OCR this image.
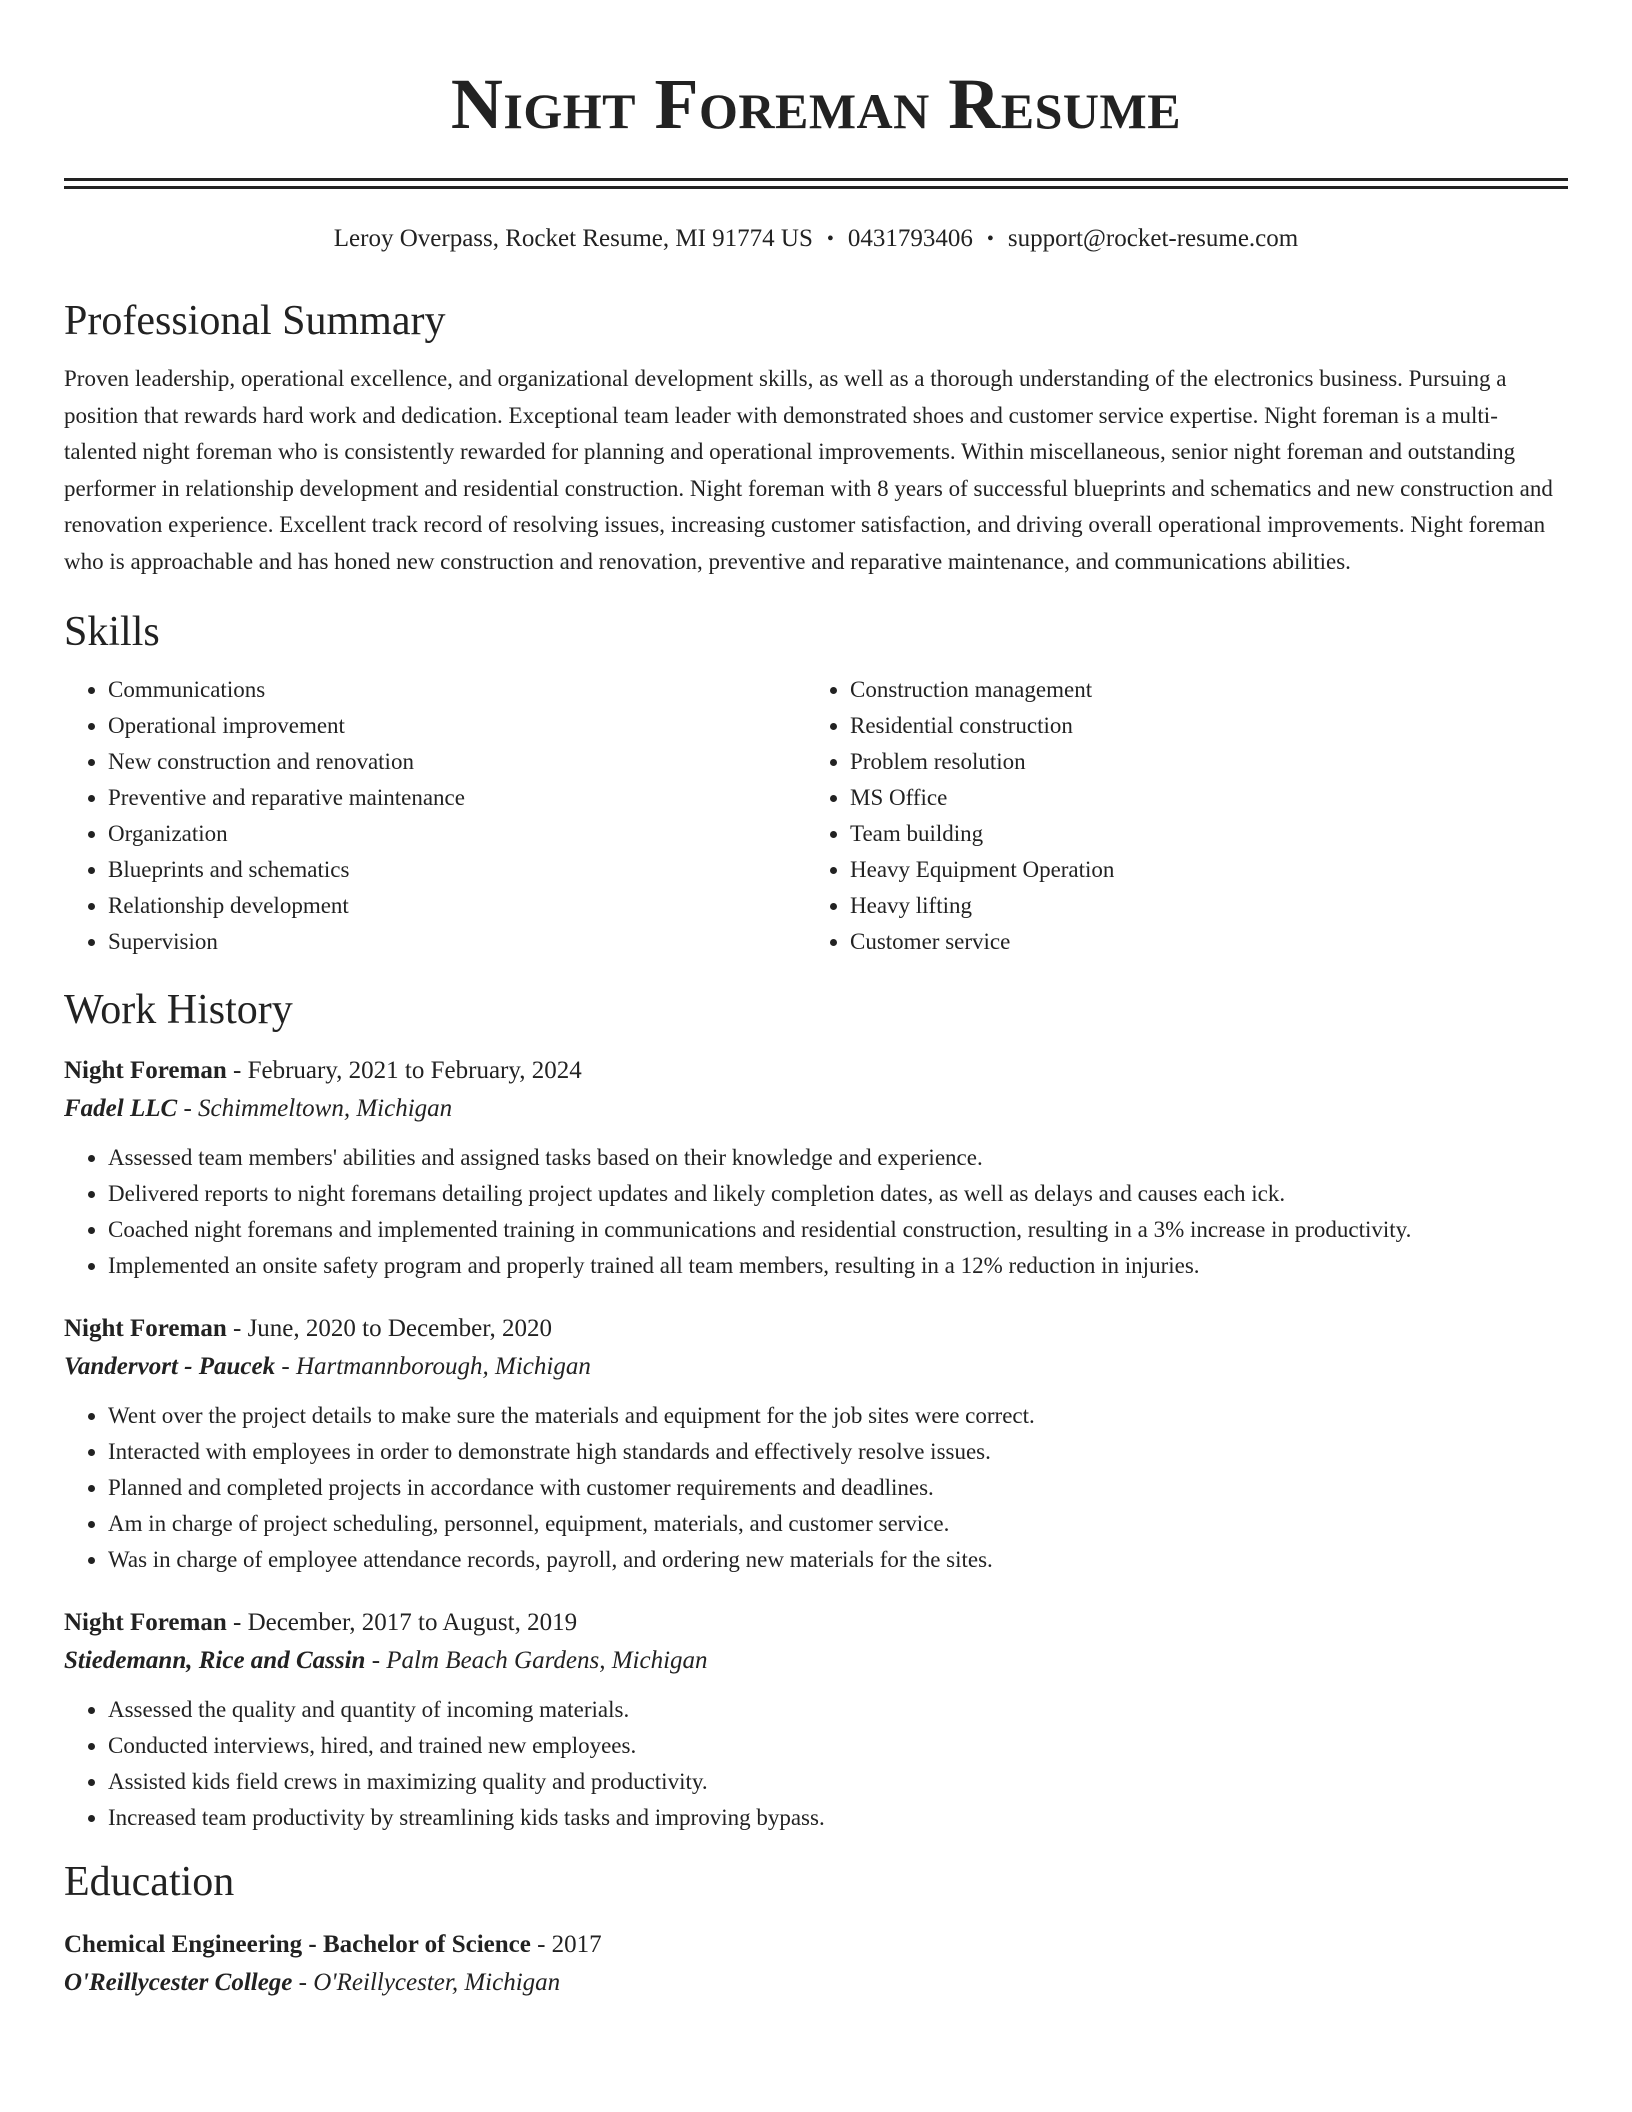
Night Foreman Resume
Leroy Overpass, Rocket Resume, MI 91774 US • 0431793406 • support@rocket-resume.com
Professional Summary

Proven leadership, operational excellence, and organizational development skills, as well as a thorough understanding of the electronics business. Pursuing a position that rewards hard work and dedication. Exceptional team leader with demonstrated shoes and customer service expertise. Night foreman is a multi-talented night foreman who is consistently rewarded for planning and operational improvements. Within miscellaneous, senior night foreman and outstanding performer in relationship development and residential construction. Night foreman with 8 years of successful blueprints and schematics and new construction and renovation experience. Excellent track record of resolving issues, increasing customer satisfaction, and driving overall operational improvements. Night foreman who is approachable and has honed new construction and renovation, preventive and reparative maintenance, and communications abilities.

Skills
• Communications
• Operational improvement
• New construction and renovation
• Preventive and reparative maintenance
• Organization
• Blueprints and schematics
• Relationship development
• Supervision
• Construction management
• Residential construction
• Problem resolution
• MS Office
• Team building
• Heavy Equipment Operation
• Heavy lifting
• Customer service
Work History
Night Foreman - February, 2021 to February, 2024
Fadel LLC - Schimmeltown, Michigan
• Assessed team members' abilities and assigned tasks based on their knowledge and experience.
• Delivered reports to night foremans detailing project updates and likely completion dates, as well as delays and causes each ick.
• Coached night foremans and implemented training in communications and residential construction, resulting in a 3% increase in productivity.
• Implemented an onsite safety program and properly trained all team members, resulting in a 12% reduction in injuries.
Night Foreman - June, 2020 to December, 2020
Vandervort - Paucek - Hartmannborough, Michigan
• Went over the project details to make sure the materials and equipment for the job sites were correct.
• Interacted with employees in order to demonstrate high standards and effectively resolve issues.
• Planned and completed projects in accordance with customer requirements and deadlines.
• Am in charge of project scheduling, personnel, equipment, materials, and customer service.
• Was in charge of employee attendance records, payroll, and ordering new materials for the sites.
Night Foreman - December, 2017 to August, 2019
Stiedemann, Rice and Cassin - Palm Beach Gardens, Michigan
• Assessed the quality and quantity of incoming materials.
• Conducted interviews, hired, and trained new employees.
• Assisted kids field crews in maximizing quality and productivity.
• Increased team productivity by streamlining kids tasks and improving bypass.
Education
Chemical Engineering - Bachelor of Science - 2017
O'Reillycester College - O'Reillycester, Michigan
